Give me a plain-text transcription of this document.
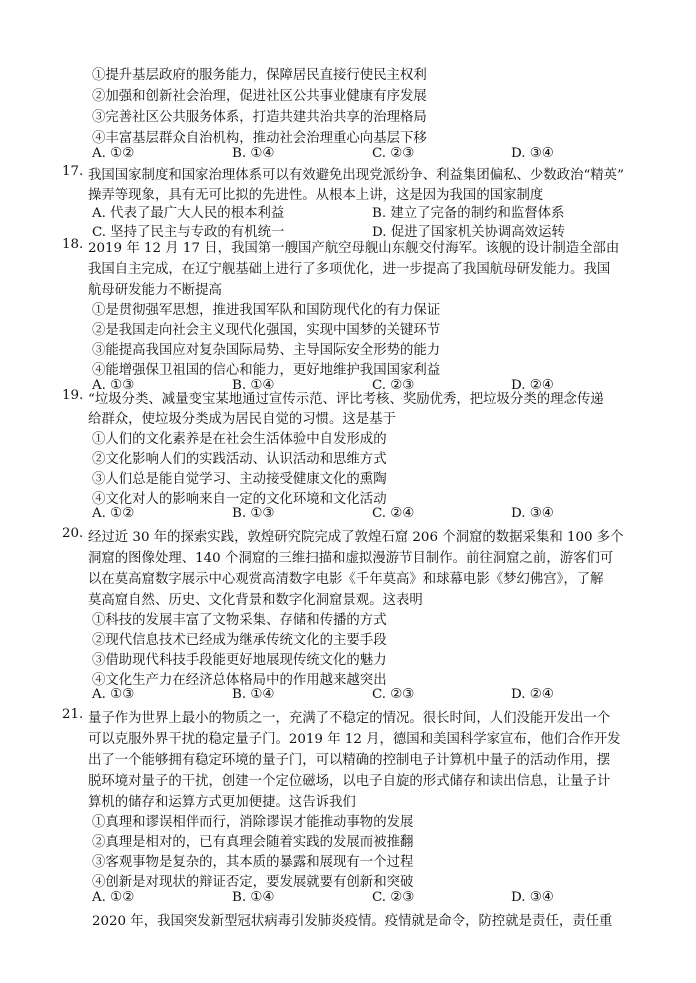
①提升基层政府的服务能力，保障居民直接行使民主权利
②加强和创新社会治理，促进社区公共事业健康有序发展
③完善社区公共服务体系，打造共建共治共享的治理格局
④丰富基层群众自治机构，推动社会治理重心向基层下移
A. ①②	B. ①④	C. ②③	D. ③④
17. 我国国家制度和国家治理体系可以有效避免出现党派纷争、利益集团偏私、少数政治“精英”
操弄等现象，具有无可比拟的先进性。从根本上讲，这是因为我国的国家制度
A. 代表了最广大人民的根本利益	B. 建立了完备的制约和监督体系
C. 坚持了民主与专政的有机统一	D. 促进了国家机关协调高效运转
18. 2019 年 12 月 17 日，我国第一艘国产航空母舰山东舰交付海军。该舰的设计制造全部由
我国自主完成，在辽宁舰基础上进行了多项优化，进一步提高了我国航母研发能力。我国
航母研发能力不断提高
①是贯彻强军思想，推进我国军队和国防现代化的有力保证
②是我国走向社会主义现代化强国，实现中国梦的关键环节
③能提高我国应对复杂国际局势、主导国际安全形势的能力
④能增强保卫祖国的信心和能力，更好地维护我国国家利益
A. ①③	B. ①④	C. ②③	D. ②④
19. “垃圾分类、减量变宝某地通过宣传示范、评比考核、奖励优秀，把垃圾分类的理念传递
给群众，使垃圾分类成为居民自觉的习惯。这是基于
①人们的文化素养是在社会生活体验中自发形成的
②文化影响人们的实践活动、认识活动和思维方式
③人们总是能自觉学习、主动接受健康文化的熏陶
④文化对人的影响来自一定的文化环境和文化活动
A. ①②	B. ①③	C. ②④	D. ③④
20. 经过近 30 年的探索实践，敦煌研究院完成了敦煌石窟 206 个洞窟的数据采集和 100 多个
洞窟的图像处理、140 个洞窟的三维扫描和虚拟漫游节目制作。前往洞窟之前，游客们可
以在莫高窟数字展示中心观赏高清数字电影《千年莫高》和球幕电影《梦幻佛宫》，了解
莫高窟自然、历史、文化背景和数字化洞窟景观。这表明
①科技的发展丰富了文物采集、存储和传播的方式
②现代信息技术已经成为继承传统文化的主要手段
③借助现代科技手段能更好地展现传统文化的魅力
④文化生产力在经济总体格局中的作用越来越突出
A. ①③	B. ①④	C. ②③	D. ②④
21. 量子作为世界上最小的物质之一，充满了不稳定的情况。很长时间，人们没能开发出一个
可以克服外界干扰的稳定量子门。2019 年 12 月，德国和美国科学家宣布，他们合作开发
出了一个能够拥有稳定环境的量子门，可以精确的控制电子计算机中量子的活动作用，摆
脱环境对量子的干扰，创建一个定位磁场，以电子自旋的形式储存和读出信息，让量子计
算机的储存和运算方式更加便捷。这告诉我们
①真理和谬误相伴而行，消除谬误才能推动事物的发展
②真理是相对的，已有真理会随着实践的发展而被推翻
③客观事物是复杂的，其本质的暴露和展现有一个过程
④创新是对现状的辩证否定，要发展就要有创新和突破
A. ①②	B. ①④	C. ②③	D. ③④
2020 年，我国突发新型冠状病毒引发肺炎疫情。疫情就是命令，防控就是责任，责任重
